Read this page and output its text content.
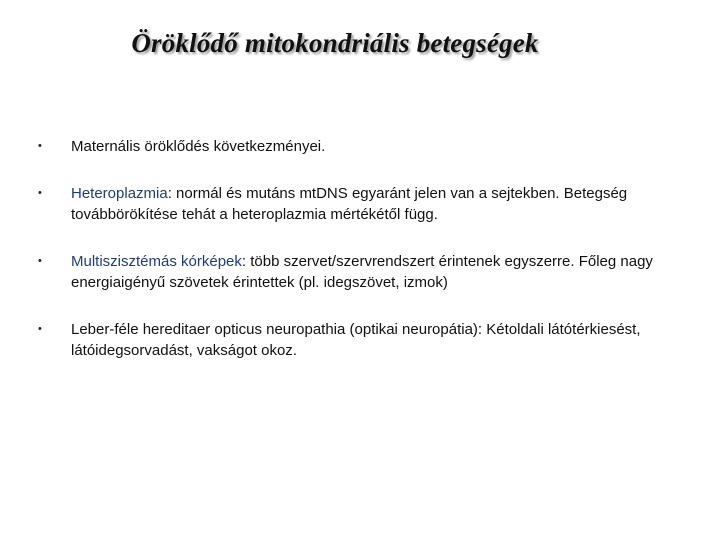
Öröklődő mitokondriális betegségek
• Maternális öröklődés következményei.
• Heteroplazmia: normál és mutáns mtDNS egyaránt jelen van a sejtekben. Betegség továbbörökítése tehát a heteroplazmia mértékétől függ.
• Multiszisztémás kórképek: több szervet/szervrendszert érintenek egyszerre. Főleg nagy energiaigényű szövetek érintettek (pl. idegszövet, izmok)
• Leber-féle hereditaer opticus neuropathia (optikai neuropátia): Kétoldali látótérkiesést, látóidegsorvadást, vakságot okoz.
